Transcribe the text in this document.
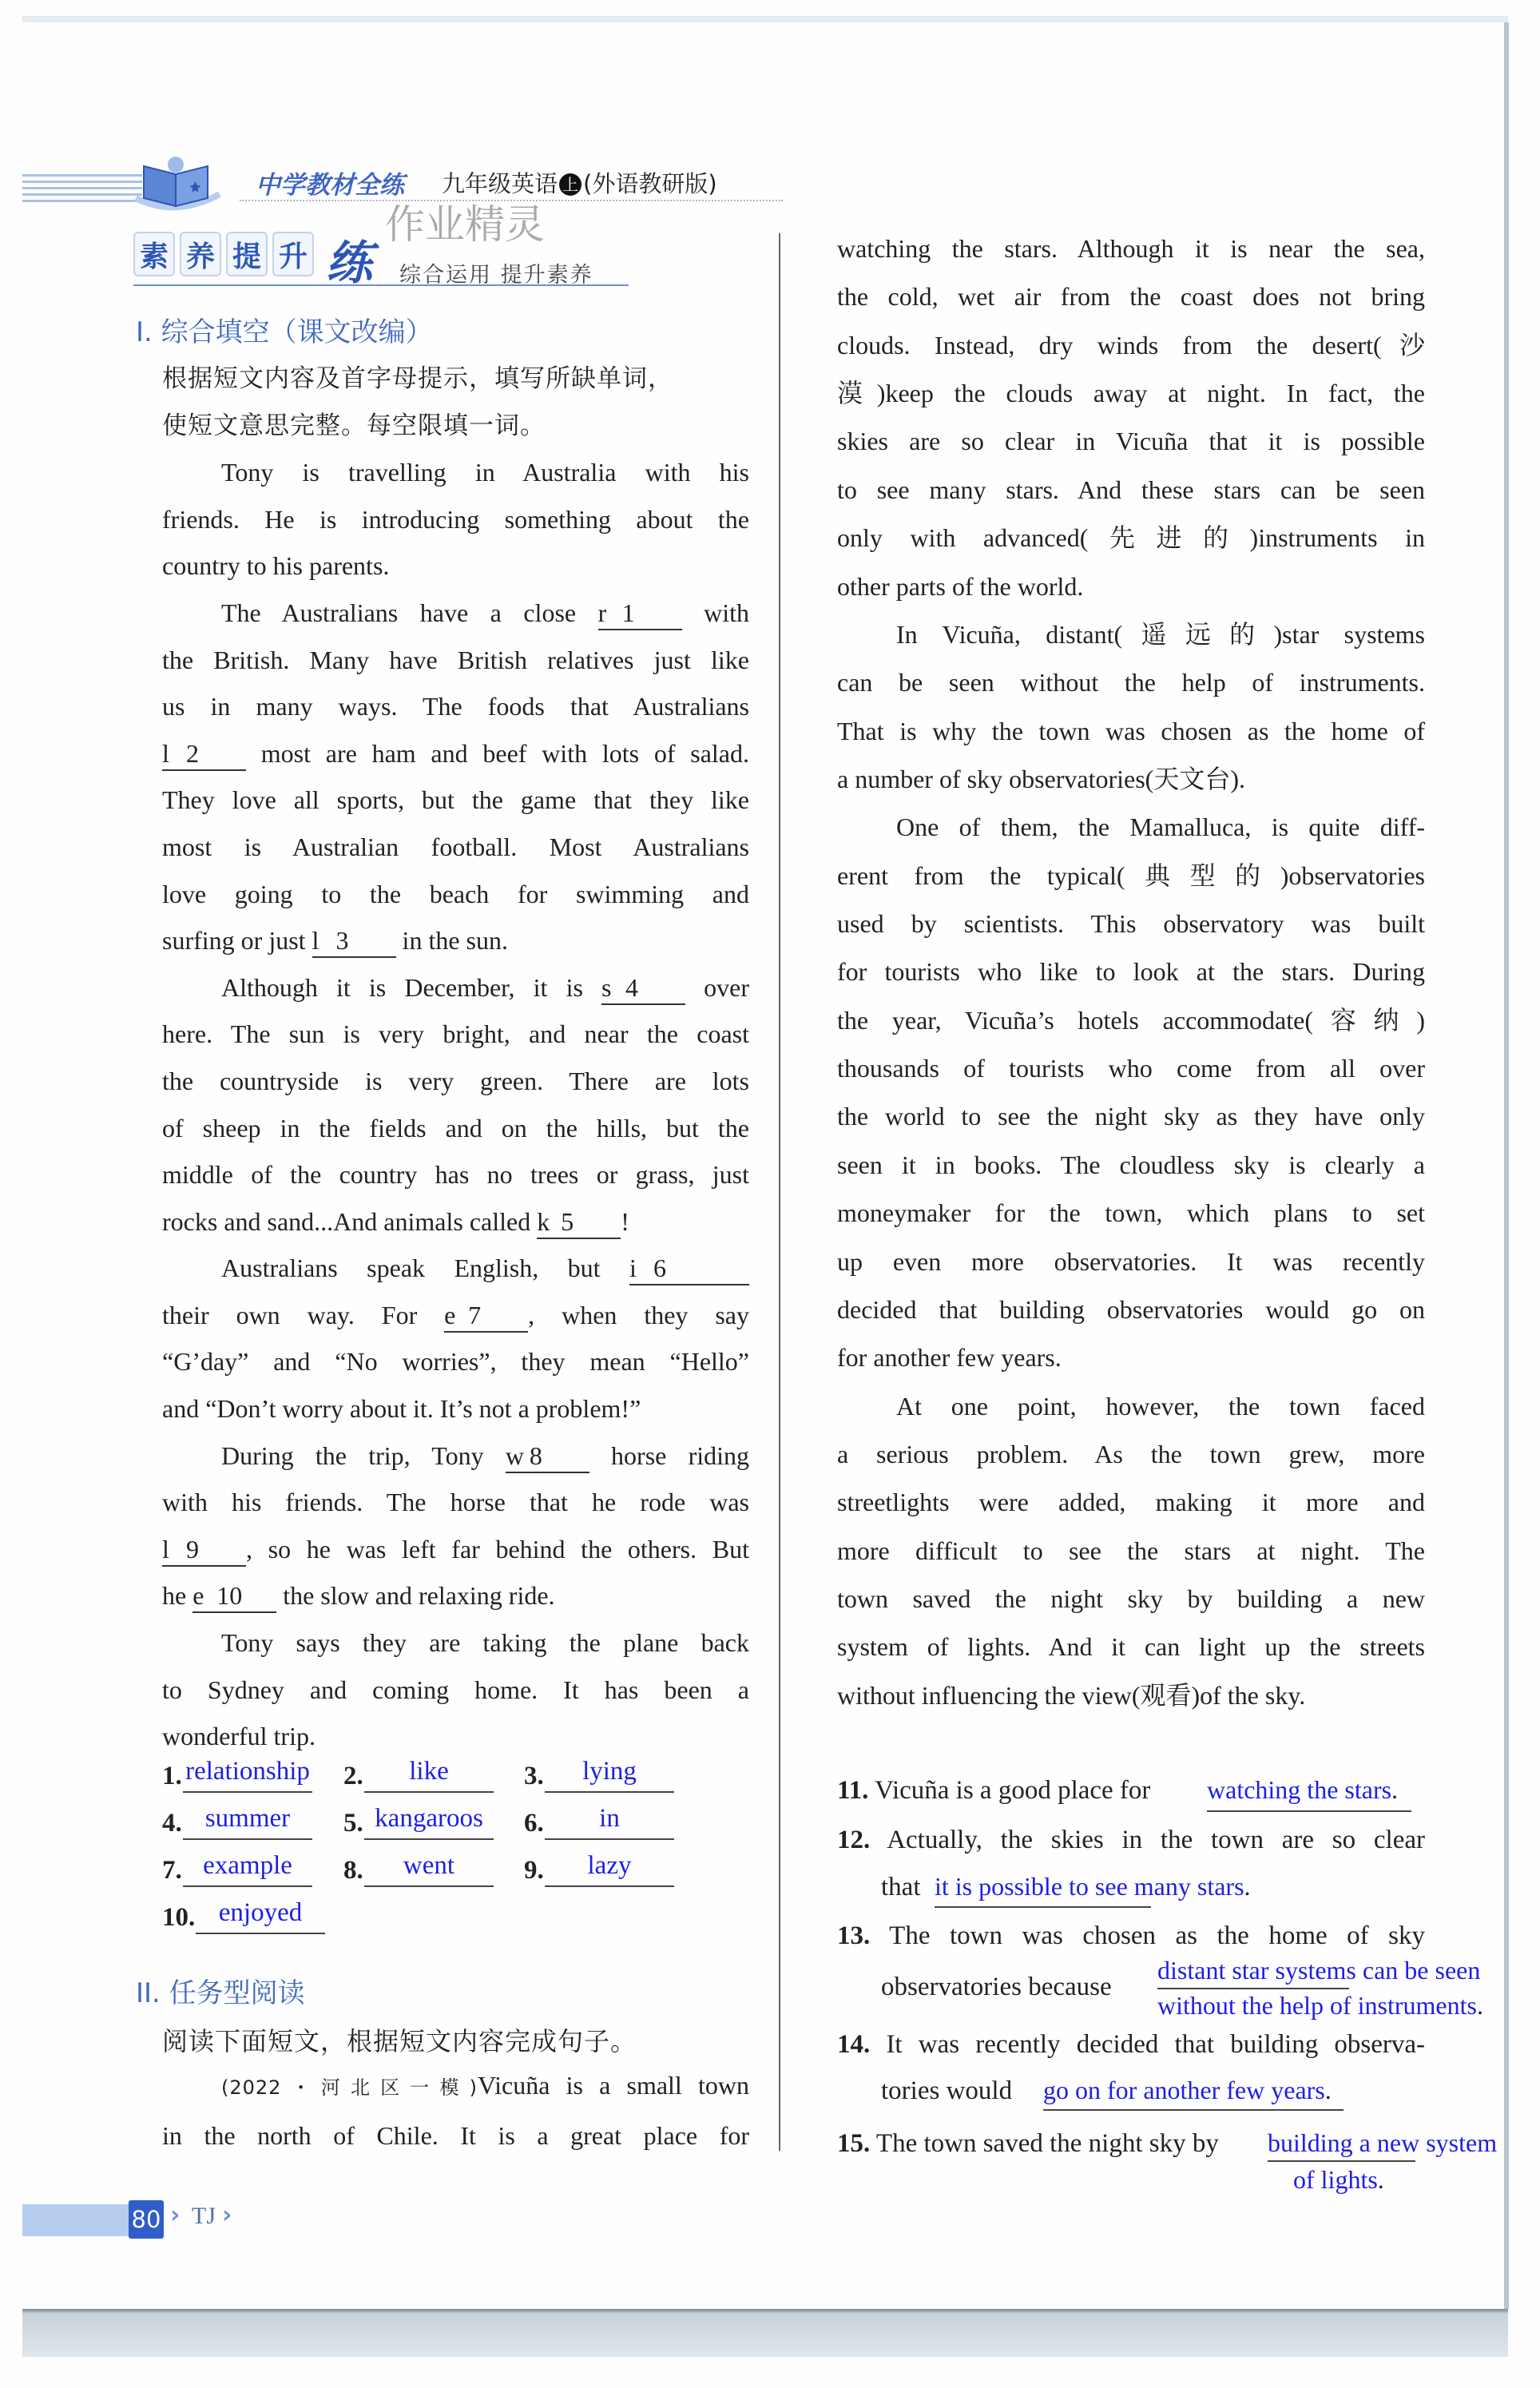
中学教材全练 九年级英语 上 (外语教研版)
素 养 提 升 练
作业精灵
综合运用 提升素养
I. 综合填空（课文改编）
根据短文内容及首字母提示，填写所缺单词，
使短文意思完整。每空限填一词。
Tony is travelling in Australia with his
friends. He is introducing something about the
country to his parents.
The Australians have a close r 1 with
the British. Many have British relatives just like
us in many ways. The foods that Australians
l 2 most are ham and beef with lots of salad.
They love all sports, but the game that they like
most is Australian football. Most Australians
love going to the beach for swimming and
surfing or just l 3 in the sun.
Although it is December, it is s 4 over
here. The sun is very bright, and near the coast
the countryside is very green. There are lots
of sheep in the fields and on the hills, but the
middle of the country has no trees or grass, just
rocks and sand...And animals called k 5 !
Australians speak English, but i 6
their own way. For e 7 , when they say
“G’day” and “No worries”, they mean “Hello”
and “Don’t worry about it. It’s not a problem!”
During the trip, Tony w 8 horse riding
with his friends. The horse that he rode was
l 9 , so he was left far behind the others. But
he e 10 the slow and relaxing ride.
Tony says they are taking the plane back
to Sydney and coming home. It has been a
wonderful trip.
1. relationship 2.	like	3.	lying
4. summer	5. kangaroos	6.	in
7. example	8.	went	9.	lazy
10. enjoyed
II. 任务型阅读
阅读下面短文，根据短文内容完成句子。
(2022・河北区一模)Vicuña is a small town
in the north of Chile. It is a great place for
watching the stars. Although it is near the sea,
the cold, wet air from the coast does not bring
clouds. Instead, dry winds from the desert(沙
漠)keep the clouds away at night. In fact, the
skies are so clear in Vicuña that it is possible
to see many stars. And these stars can be seen
only with advanced(先进的)instruments in
other parts of the world.
In Vicuña, distant(遥远的)star systems
can be seen without the help of instruments.
That is why the town was chosen as the home of
a number of sky observatories(天文台).
One of them, the Mamalluca, is quite diff-
erent from the typical(典型的)observatories
used by scientists. This observatory was built
for tourists who like to look at the stars. During
the year, Vicuña’s hotels accommodate(容纳)
thousands of tourists who come from all over
the world to see the night sky as they have only
seen it in books. The cloudless sky is clearly a
moneymaker for the town, which plans to set
up even more observatories. It was recently
decided that building observatories would go on
for another few years.
At one point, however, the town faced
a serious problem. As the town grew, more
streetlights were added, making it more and
more difficult to see the stars at night. The
town saved the night sky by building a new
system of lights. And it can light up the streets
without influencing the view(观看)of the sky.
11. Vicuña is a good place for watching the stars.
12. Actually, the skies in the town are so clear
that it is possible to see many stars.
13. The town was chosen as the home of sky
observatories because
distant star systems can be seen
without the help of instruments.
14. It was recently decided that building observa-
tories would go on for another few years.
15. The town saved the night sky by building a new system
of lights.
80 › TJ ›
